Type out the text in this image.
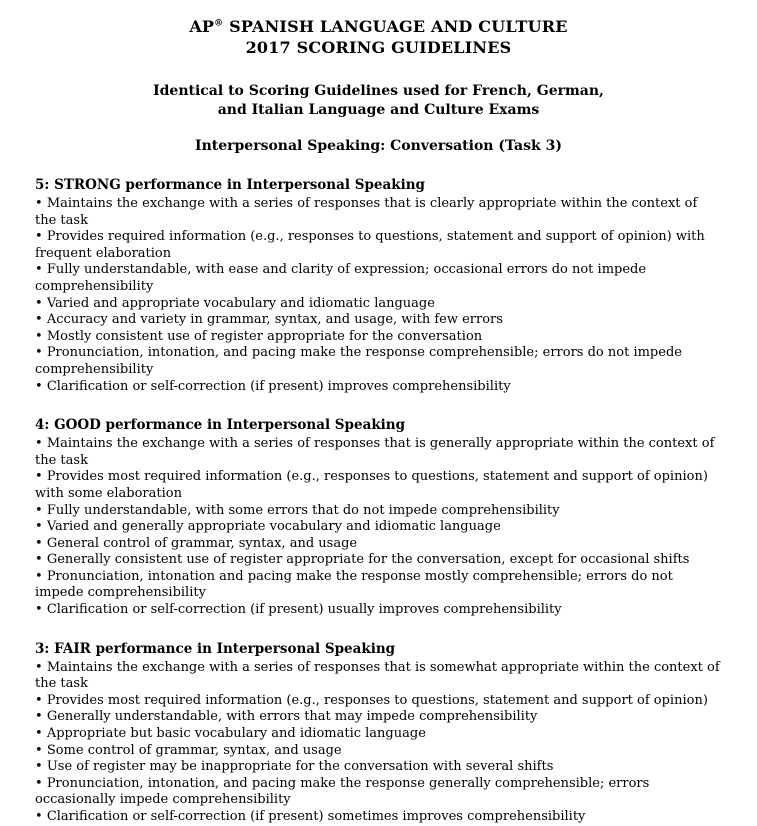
AP® SPANISH LANGUAGE AND CULTURE
2017 SCORING GUIDELINES
Identical to Scoring Guidelines used for French, German,
and Italian Language and Culture Exams
Interpersonal Speaking: Conversation (Task 3)
5: STRONG performance in Interpersonal Speaking

• Maintains the exchange with a series of responses that is clearly appropriate within the context of the task

• Provides required information (e.g., responses to questions, statement and support of opinion) with frequent elaboration

• Fully understandable, with ease and clarity of expression; occasional errors do not impede comprehensibility

• Varied and appropriate vocabulary and idiomatic language

• Accuracy and variety in grammar, syntax, and usage, with few errors

• Mostly consistent use of register appropriate for the conversation

• Pronunciation, intonation, and pacing make the response comprehensible; errors do not impede comprehensibility

• Clarification or self-correction (if present) improves comprehensibility

4: GOOD performance in Interpersonal Speaking

• Maintains the exchange with a series of responses that is generally appropriate within the context of the task

• Provides most required information (e.g., responses to questions, statement and support of opinion) with some elaboration

• Fully understandable, with some errors that do not impede comprehensibility

• Varied and generally appropriate vocabulary and idiomatic language

• General control of grammar, syntax, and usage

• Generally consistent use of register appropriate for the conversation, except for occasional shifts

• Pronunciation, intonation and pacing make the response mostly comprehensible; errors do not impede comprehensibility

• Clarification or self-correction (if present) usually improves comprehensibility

3: FAIR performance in Interpersonal Speaking

• Maintains the exchange with a series of responses that is somewhat appropriate within the context of the task

• Provides most required information (e.g., responses to questions, statement and support of opinion)

• Generally understandable, with errors that may impede comprehensibility

• Appropriate but basic vocabulary and idiomatic language

• Some control of grammar, syntax, and usage

• Use of register may be inappropriate for the conversation with several shifts

• Pronunciation, intonation, and pacing make the response generally comprehensible; errors occasionally impede comprehensibility

• Clarification or self-correction (if present) sometimes improves comprehensibility
